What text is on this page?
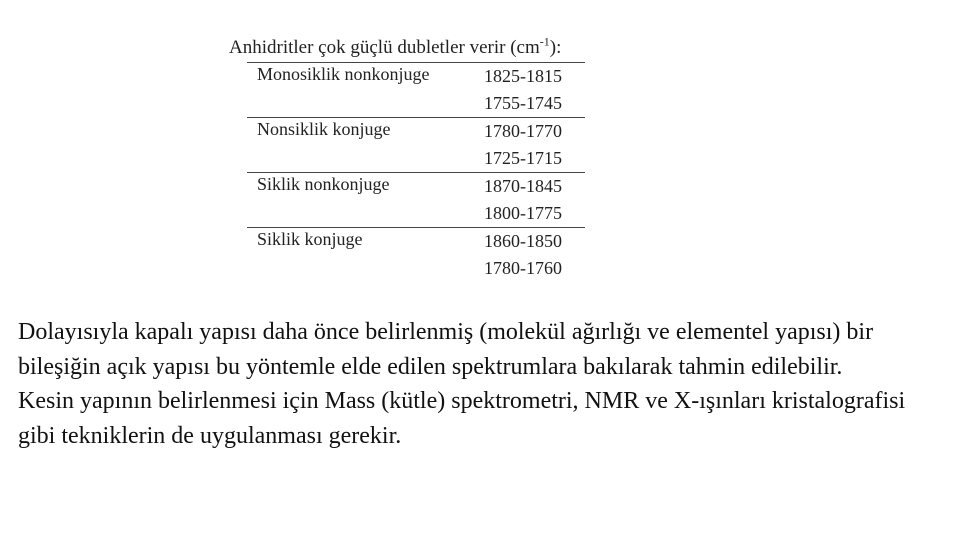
Anhidritler çok güçlü dubletler verir $(cm^{-1})$:
Monosiklik nonkonjuge	1825-1815
	1755-1745
Nonsiklik konjuge	1780-1770
	1725-1715
Siklik nonkonjuge	1870-1845
	1800-1775
Siklik konjuge	1860-1850
	1780-1760

Dolayısıyla kapalı yapısı daha önce belirlenmiş (molekül ağırlığı ve elementel yapısı) bir bileşiğin açık yapısı bu yöntemle elde edilen spektrumlara bakılarak tahmin edilebilir.

Kesin yapının belirlenmesi için Mass (kütle) spektrometri, NMR ve X-ışınları kristalografisi gibi tekniklerin de uygulanması gerekir.
